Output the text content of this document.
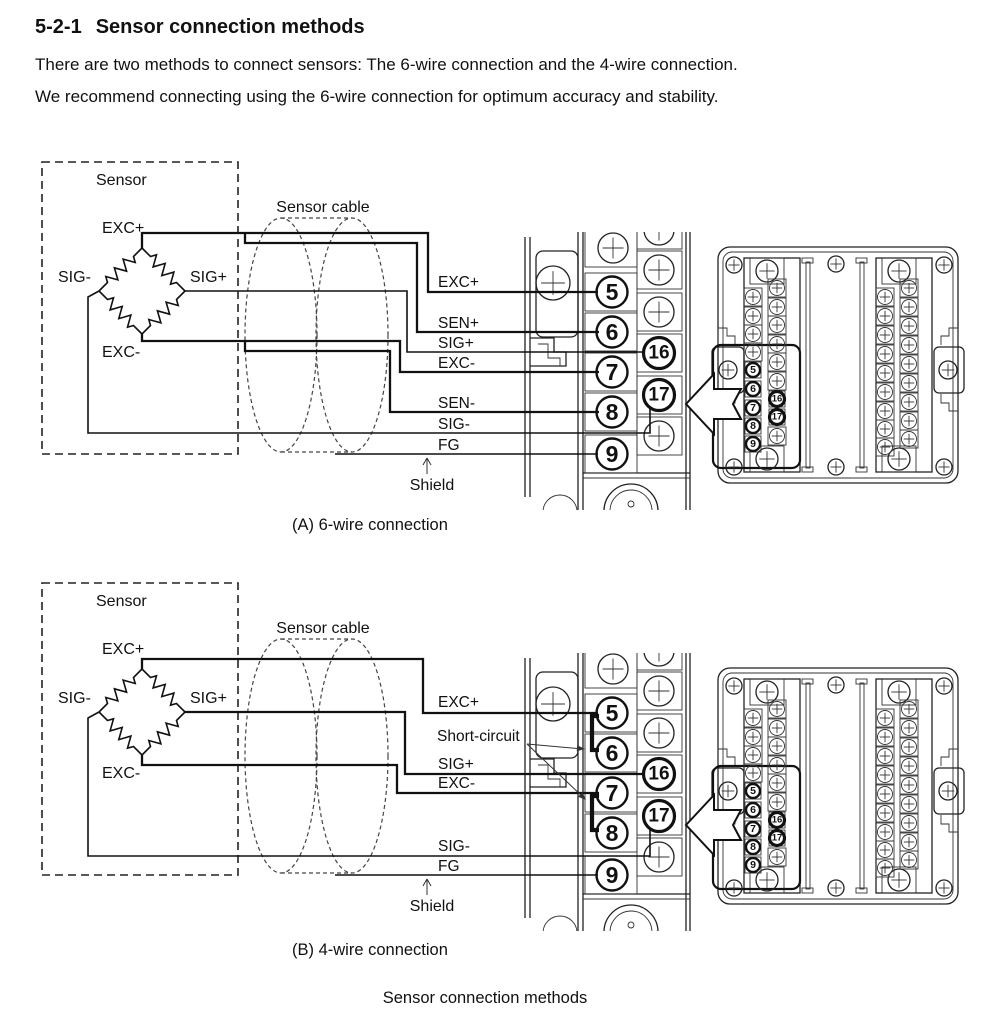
5-2-1 Sensor connection methods
There are two methods to connect sensors: The 6-wire connection and the 4-wire connection.
We recommend connecting using the 6-wire connection for optimum accuracy and stability.
EXC+
SEN+
SIG+
EXC-
SEN-
SIG-
FG
Shield
(A) 6-wire connection
EXC+
Short-circuit
SIG+
EXC-
SIG-
FG
Shield
(B) 4-wire connection
Sensor connection methods
